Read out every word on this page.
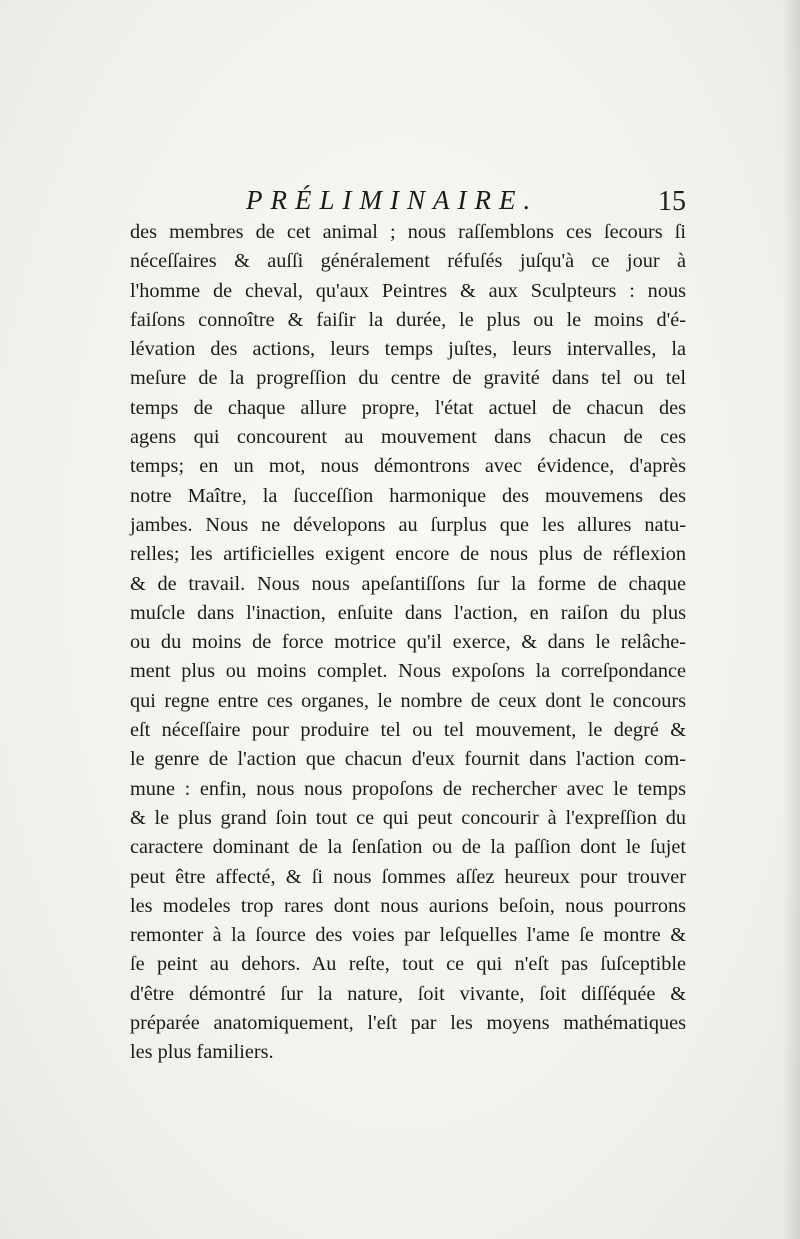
PRÉLIMINAIRE.	15
des membres de cet animal ; nous raſſemblons ces ſecours ſi
néceſſaires & auſſi généralement réfuſés juſqu'à ce jour à
l'homme de cheval, qu'aux Peintres & aux Sculpteurs : nous
faiſons connoître & faiſir la durée, le plus ou le moins d'é-
lévation des actions, leurs temps juſtes, leurs intervalles, la
meſure de la progreſſion du centre de gravité dans tel ou tel
temps de chaque allure propre, l'état actuel de chacun des
agens qui concourent au mouvement dans chacun de ces
temps; en un mot, nous démontrons avec évidence, d'après
notre Maître, la ſucceſſion harmonique des mouvemens des
jambes. Nous ne dévelopons au ſurplus que les allures natu-
relles; les artificielles exigent encore de nous plus de réflexion
& de travail. Nous nous apeſantiſſons ſur la forme de chaque
muſcle dans l'inaction, enſuite dans l'action, en raiſon du plus
ou du moins de force motrice qu'il exerce, & dans le relâche-
ment plus ou moins complet. Nous expoſons la correſpondance
qui regne entre ces organes, le nombre de ceux dont le concours
eſt néceſſaire pour produire tel ou tel mouvement, le degré &
le genre de l'action que chacun d'eux fournit dans l'action com-
mune : enfin, nous nous propoſons de rechercher avec le temps
& le plus grand ſoin tout ce qui peut concourir à l'expreſſion du
caractere dominant de la ſenſation ou de la paſſion dont le ſujet
peut être affecté, & ſi nous ſommes aſſez heureux pour trouver
les modeles trop rares dont nous aurions beſoin, nous pourrons
remonter à la ſource des voies par leſquelles l'ame ſe montre &
ſe peint au dehors. Au reſte, tout ce qui n'eſt pas ſuſceptible
d'être démontré ſur la nature, ſoit vivante, ſoit diſſéquée &
préparée anatomiquement, l'eſt par les moyens mathématiques
les plus familiers.
